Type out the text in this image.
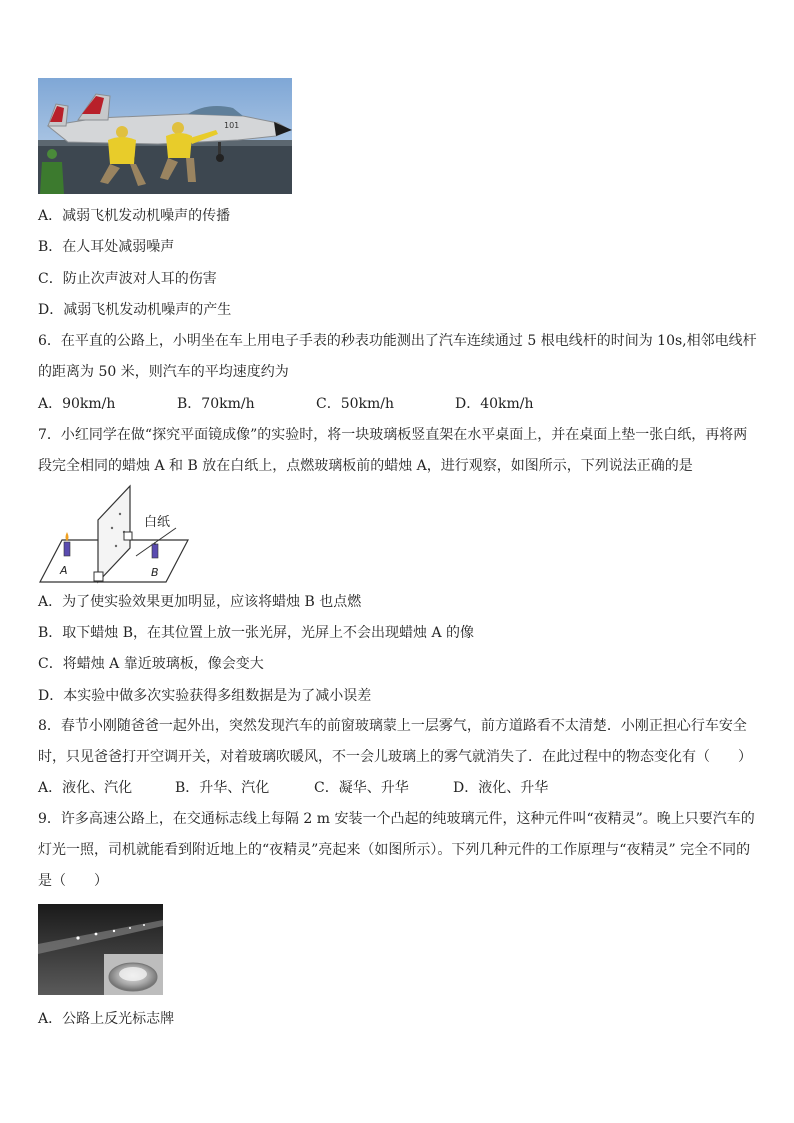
101
A．减弱飞机发动机噪声的传播
B．在人耳处减弱噪声
C．防止次声波对人耳的伤害
D．减弱飞机发动机噪声的产生
6．在平直的公路上，小明坐在车上用电子手表的秒表功能测出了汽车连续通过 5 根电线杆的时间为 10s,相邻电线杆的距离为 50 米，则汽车的平均速度约为
A．90km/h	B．70km/h	C．50km/h	D．40km/h
7．小红同学在做“探究平面镜成像”的实验时，将一块玻璃板竖直架在水平桌面上，并在桌面上垫一张白纸，再将两段完全相同的蜡烛 A 和 B 放在白纸上，点燃玻璃板前的蜡烛 A，进行观察，如图所示，下列说法正确的是
白纸
A	B
A．为了使实验效果更加明显，应该将蜡烛 B 也点燃
B．取下蜡烛 B，在其位置上放一张光屏，光屏上不会出现蜡烛 A 的像
C．将蜡烛 A 靠近玻璃板，像会变大
D．本实验中做多次实验获得多组数据是为了减小误差
8．春节小刚随爸爸一起外出，突然发现汽车的前窗玻璃蒙上一层雾气，前方道路看不太清楚．小刚正担心行车安全时，只见爸爸打开空调开关，对着玻璃吹暖风，不一会儿玻璃上的雾气就消失了．在此过程中的物态变化有（　　）
A．液化、汽化	B．升华、汽化	C．凝华、升华	D．液化、升华
9．许多高速公路上，在交通标志线上每隔 2 m 安装一个凸起的纯玻璃元件，这种元件叫“夜精灵”。晚上只要汽车的灯光一照，司机就能看到附近地上的“夜精灵”亮起来（如图所示）。下列几种元件的工作原理与“夜精灵” 完全不同的是（　　）
A．公路上反光标志牌
